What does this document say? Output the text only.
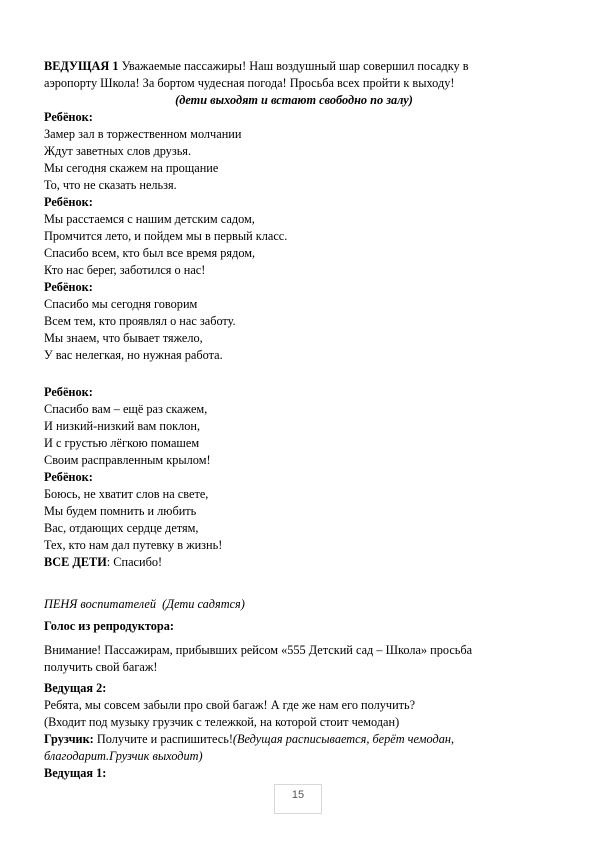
ВЕДУЩАЯ 1 Уважаемые пассажиры! Наш воздушный шар совершил посадку в
аэропорту Школа! За бортом чудесная погода! Просьба всех пройти к выходу!
(дети выходят и встают свободно по залу)
Ребёнок:
Замер зал в торжественном молчании
Ждут заветных слов друзья.
Мы сегодня скажем на прощание
То, что не сказать нельзя.
Ребёнок:
Мы расстаемся с нашим детским садом,
Промчится лето, и пойдем мы в первый класс.
Спасибо всем, кто был все время рядом,
Кто нас берег, заботился о нас!
Ребёнок:
Спасибо мы сегодня говорим
Всем тем, кто проявлял о нас заботу.
Мы знаем, что бывает тяжело,
У вас нелегкая, но нужная работа.
Ребёнок:
Спасибо вам – ещё раз скажем,
И низкий-низкий вам поклон,
И с грустью лёгкою помашем
Своим расправленным крылом!
Ребёнок:
Боюсь, не хватит слов на свете,
Мы будем помнить и любить
Вас, отдающих сердце детям,
Тех, кто нам дал путевку в жизнь!
ВСЕ ДЕТИ: Спасибо!
ПЕНЯ воспитателей (Дети садятся)
Голос из репродуктора:
Внимание! Пассажирам, прибывших рейсом «555 Детский сад – Школа» просьба
получить свой багаж!
Ведущая 2:
Ребята, мы совсем забыли про свой багаж! А где же нам его получить?
(Входит под музыку грузчик с тележкой, на которой стоит чемодан)
Грузчик: Получите и распишитесь!(Ведущая расписывается, берёт чемодан,
благодарит.Грузчик выходит)
Ведущая 1:
15
